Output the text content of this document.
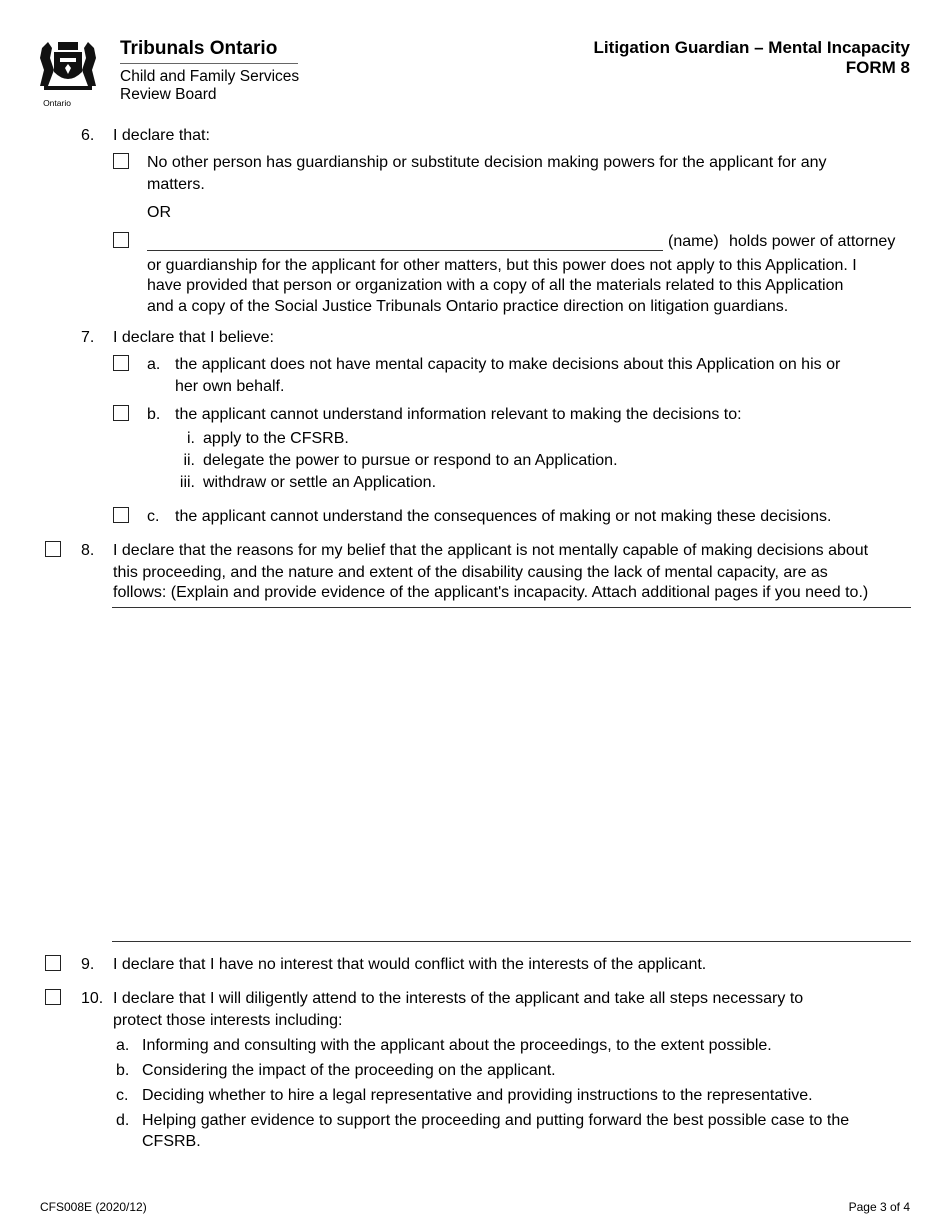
Ontario
Tribunals Ontario
Child and Family Services
Review Board
Litigation Guardian – Mental Incapacity
FORM 8
6. I declare that:
No other person has guardianship or substitute decision making powers for the applicant for any
matters.
OR
(name) holds power of attorney
or guardianship for the applicant for other matters, but this power does not apply to this Application. I
have provided that person or organization with a copy of all the materials related to this Application
and a copy of the Social Justice Tribunals Ontario practice direction on litigation guardians.
7. I declare that I believe:
a. the applicant does not have mental capacity to make decisions about this Application on his or
her own behalf.
b. the applicant cannot understand information relevant to making the decisions to:
i. apply to the CFSRB.
ii. delegate the power to pursue or respond to an Application.
iii. withdraw or settle an Application.
c. the applicant cannot understand the consequences of making or not making these decisions.
8. I declare that the reasons for my belief that the applicant is not mentally capable of making decisions about
this proceeding, and the nature and extent of the disability causing the lack of mental capacity, are as
follows: (Explain and provide evidence of the applicant's incapacity. Attach additional pages if you need to.)
9. I declare that I have no interest that would conflict with the interests of the applicant.
10. I declare that I will diligently attend to the interests of the applicant and take all steps necessary to
protect those interests including:
a. Informing and consulting with the applicant about the proceedings, to the extent possible.
b. Considering the impact of the proceeding on the applicant.
c. Deciding whether to hire a legal representative and providing instructions to the representative.
d. Helping gather evidence to support the proceeding and putting forward the best possible case to the
CFSRB.
CFS008E (2020/12)	Page 3 of 4
